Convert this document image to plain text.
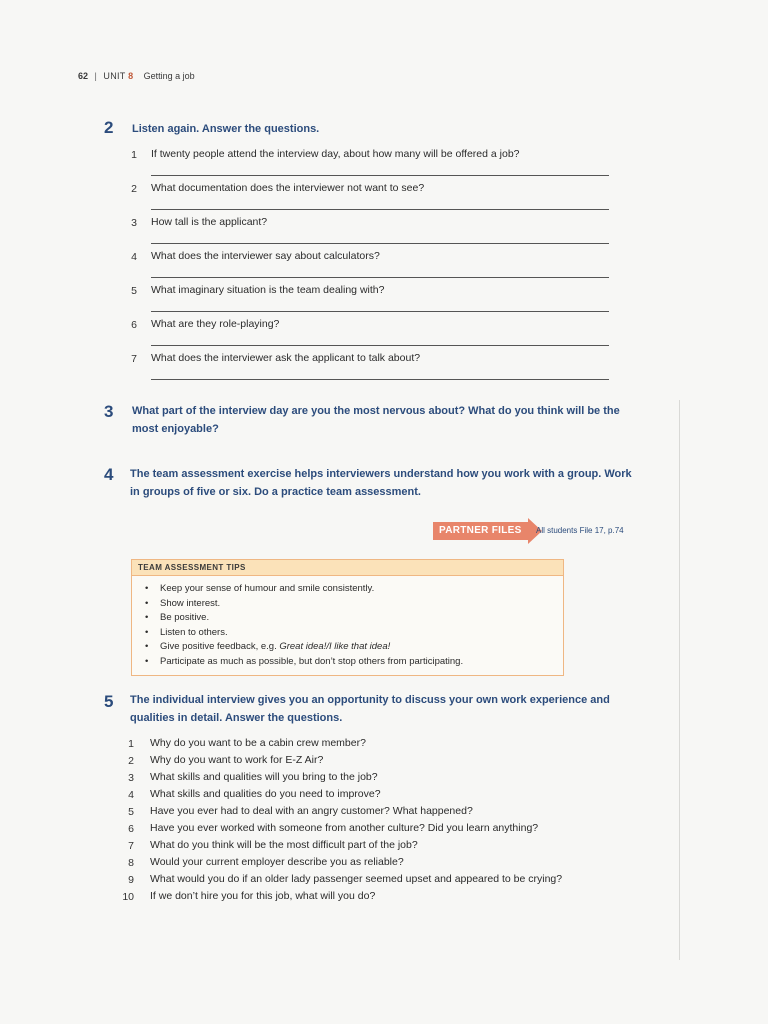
62 | UNIT 8 Getting a job
2 Listen again. Answer the questions.
1 If twenty people attend the interview day, about how many will be offered a job?
2 What documentation does the interviewer not want to see?
3 How tall is the applicant?
4 What does the interviewer say about calculators?
5 What imaginary situation is the team dealing with?
6 What are they role-playing?
7 What does the interviewer ask the applicant to talk about?
3 What part of the interview day are you the most nervous about? What do you think will be the
most enjoyable?
4 The team assessment exercise helps interviewers understand how you work with a group. Work
in groups of five or six. Do a practice team assessment.
PARTNER FILES	All students File 17, p.74
TEAM ASSESSMENT TIPS
• Keep your sense of humour and smile consistently.
• Show interest.
• Be positive.
• Listen to others.
• Give positive feedback, e.g. Great idea!/I like that idea!
• Participate as much as possible, but don’t stop others from participating.
5 The individual interview gives you an opportunity to discuss your own work experience and
qualities in detail. Answer the questions.
1 Why do you want to be a cabin crew member?
2 Why do you want to work for E-Z Air?
3 What skills and qualities will you bring to the job?
4 What skills and qualities do you need to improve?
5 Have you ever had to deal with an angry customer? What happened?
6 Have you ever worked with someone from another culture? Did you learn anything?
7 What do you think will be the most difficult part of the job?
8 Would your current employer describe you as reliable?
9 What would you do if an older lady passenger seemed upset and appeared to be crying?
10 If we don’t hire you for this job, what will you do?
